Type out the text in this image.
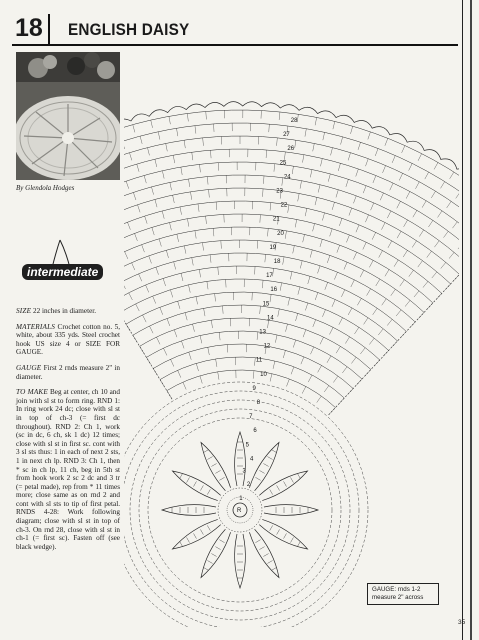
18 ENGLISH DAISY
By Glendola Hodges
intermediate

SIZE 22 inches in diameter.

MATERIALS Crochet cotton no. 5, white, about 335 yds. Steel crochet hook US size 4 or SIZE FOR GAUGE.

GAUGE First 2 rnds measure 2" in diameter.

TO MAKE Beg at center, ch 10 and join with sl st to form ring. RND 1: In ring work 24 dc; close with sl st in top of ch-3 (= first dc throughout). RND 2: Ch 1, work (sc in dc, 6 ch, sk 1 dc) 12 times; close with sl st in first sc. cont with 3 sl sts thus: 1 in each of next 2 sts, 1 in next ch lp. RND 3: Ch 1, then * sc in ch lp, 11 ch, beg in 5th st from hook work 2 sc 2 dc and 3 tr (= petal made), rep from * 11 times more; close same as on rnd 2 and cont with sl sts to tip of first petal. RNDS 4-28: Work following diagram; close with sl st in top of ch-3. On rnd 28, close with sl st in ch-1 (= first sc). Fasten off (see black wedge).

1
2
3
4
5
6
7
8
9
10
11
12
13
14
15
16
17
18
19
20
21
22
23
24
25
26
27
28
R
GAUGE: rnds 1-2
measure 2" across
35
